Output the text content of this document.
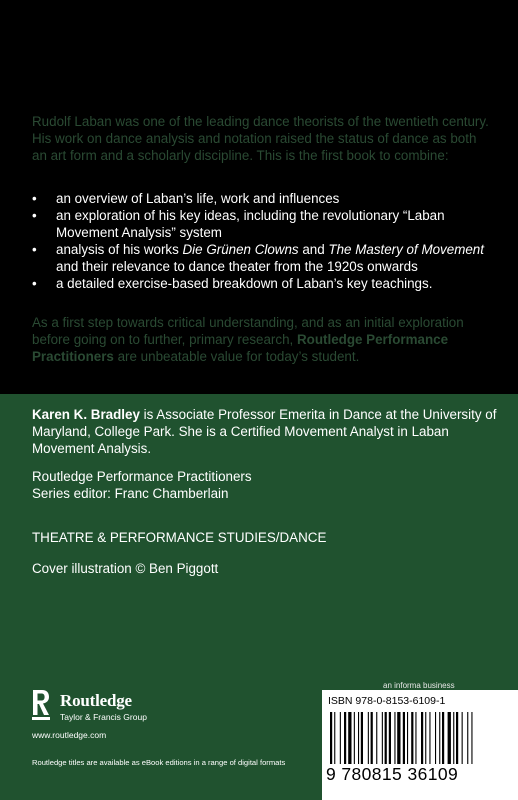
Rudolf Laban was one of the leading dance theorists of the twentieth century. His work on dance analysis and notation raised the status of dance as both an art form and a scholarly discipline. This is the first book to combine:

• an overview of Laban’s life, work and influences
• an exploration of his key ideas, including the revolutionary “Laban Movement Analysis” system
• analysis of his works Die Grünen Clowns and The Mastery of Movement and their relevance to dance theater from the 1920s onwards
• a detailed exercise-based breakdown of Laban’s key teachings.

As a first step towards critical understanding, and as an initial exploration before going on to further, primary research, Routledge Performance Practitioners are unbeatable value for today’s student.

Karen K. Bradley is Associate Professor Emerita in Dance at the University of Maryland, College Park. She is a Certified Movement Analyst in Laban Movement Analysis.

Routledge Performance Practitioners
Series editor: Franc Chamberlain

THEATRE & PERFORMANCE STUDIES/DANCE

Cover illustration © Ben Piggott

Routledge
Taylor & Francis Group

www.routledge.com

Routledge titles are available as eBook editions in a range of digital formats

an informa business

ISBN 978-0-8153-6109-1

9 780815 36109
